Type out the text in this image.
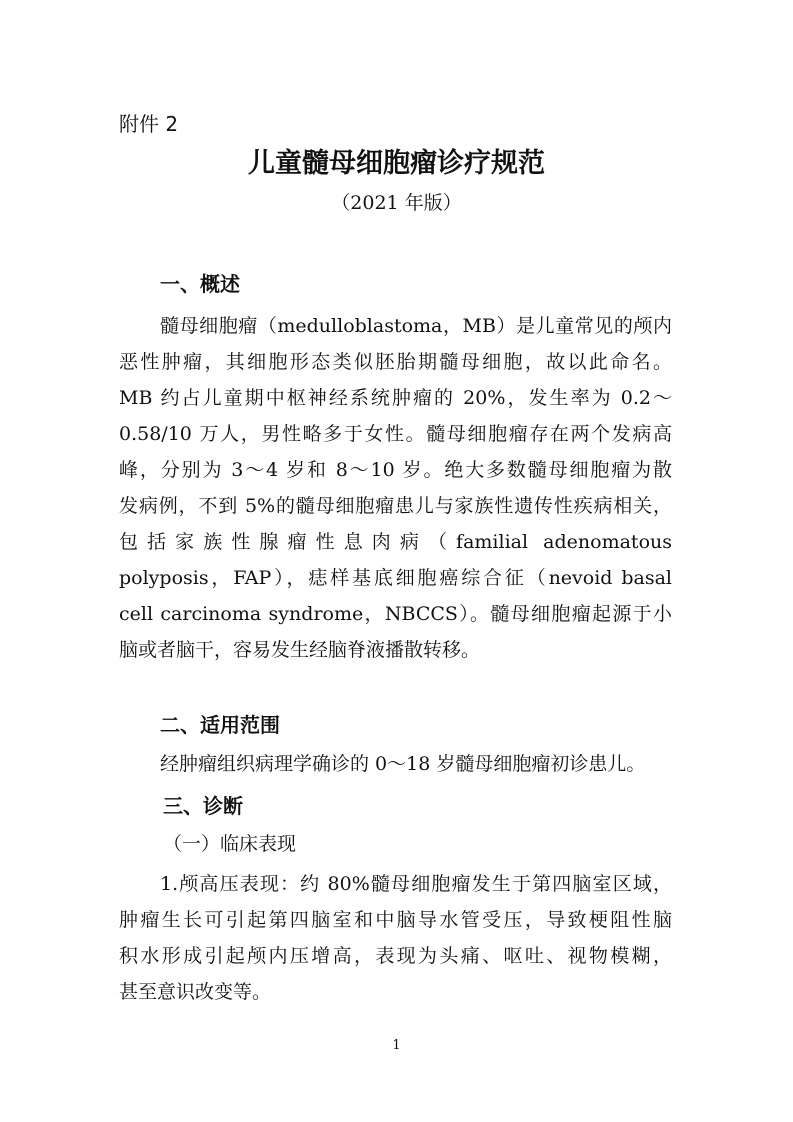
附件 2
儿童髓母细胞瘤诊疗规范
（2021 年版）
一、概述
髓母细胞瘤（medulloblastoma，MB）是儿童常见的颅内
恶性肿瘤，其细胞形态类似胚胎期髓母细胞，故以此命名。
MB 约占儿童期中枢神经系统肿瘤的 20%，发生率为 0.2～
0.58/10 万人，男性略多于女性。髓母细胞瘤存在两个发病高
峰，分别为 3～4 岁和 8～10 岁。绝大多数髓母细胞瘤为散
发病例，不到 5%的髓母细胞瘤患儿与家族性遗传性疾病相关，
包括家族性腺瘤性息肉病（familial adenomatous
polyposis，FAP），痣样基底细胞癌综合征（nevoid basal
cell carcinoma syndrome，NBCCS）。髓母细胞瘤起源于小
脑或者脑干，容易发生经脑脊液播散转移。
二、适用范围
经肿瘤组织病理学确诊的 0～18 岁髓母细胞瘤初诊患儿。
三、诊断
（一）临床表现
1.颅高压表现：约 80%髓母细胞瘤发生于第四脑室区域，
肿瘤生长可引起第四脑室和中脑导水管受压，导致梗阻性脑
积水形成引起颅内压增高，表现为头痛、呕吐、视物模糊，
甚至意识改变等。
1
